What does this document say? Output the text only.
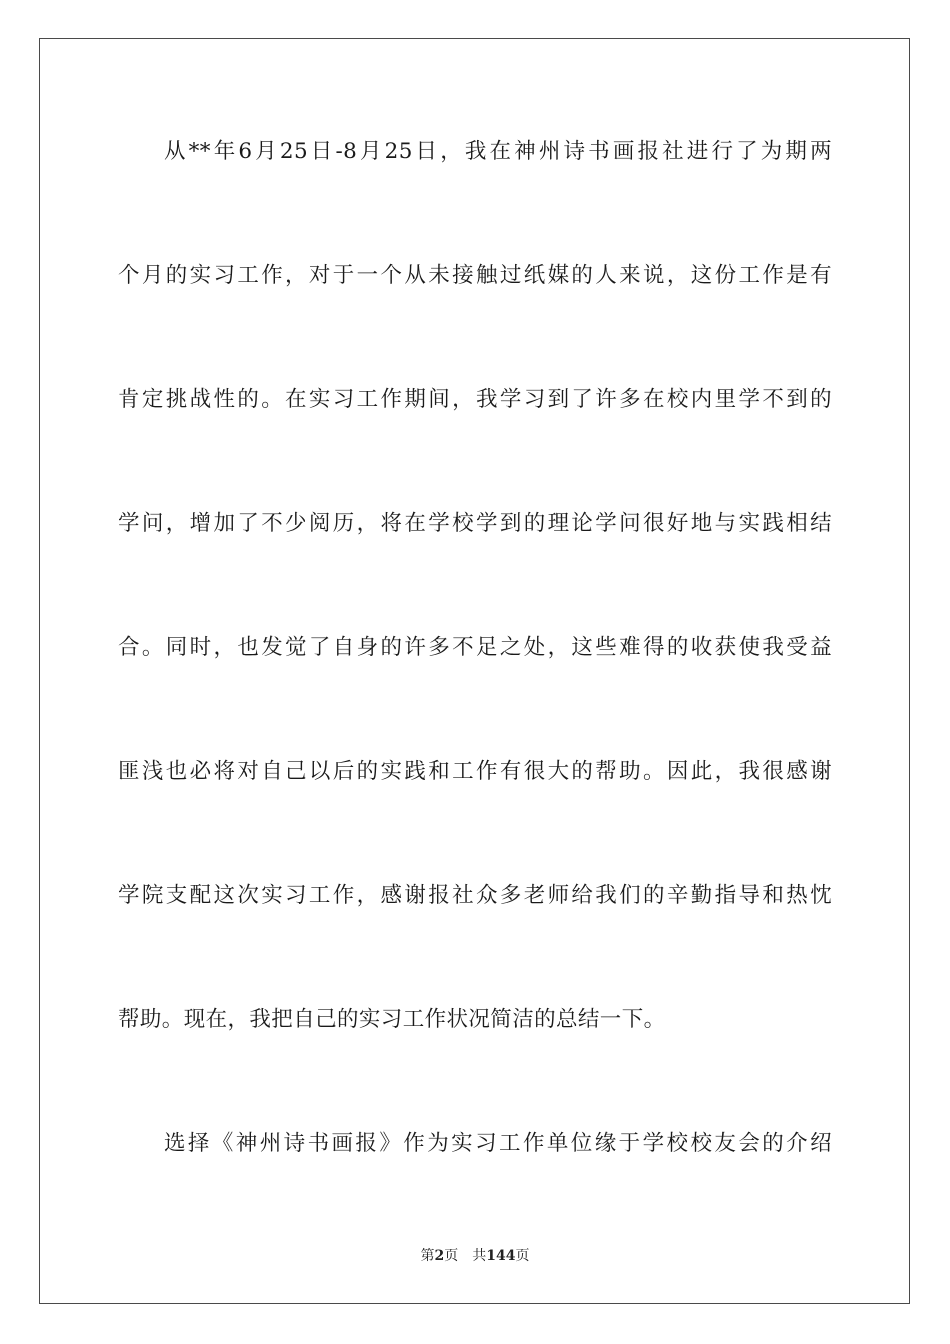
从**年6月25日-8月25日，我在神州诗书画报社进行了为期两
个月的实习工作，对于一个从未接触过纸媒的人来说，这份工作是有
肯定挑战性的。在实习工作期间，我学习到了许多在校内里学不到的
学问，增加了不少阅历，将在学校学到的理论学问很好地与实践相结
合。同时，也发觉了自身的许多不足之处，这些难得的收获使我受益
匪浅也必将对自己以后的实践和工作有很大的帮助。因此，我很感谢
学院支配这次实习工作，感谢报社众多老师给我们的辛勤指导和热忱
帮助。现在，我把自己的实习工作状况简洁的总结一下。
选择《神州诗书画报》作为实习工作单位缘于学校校友会的介绍
第2页 共144页
